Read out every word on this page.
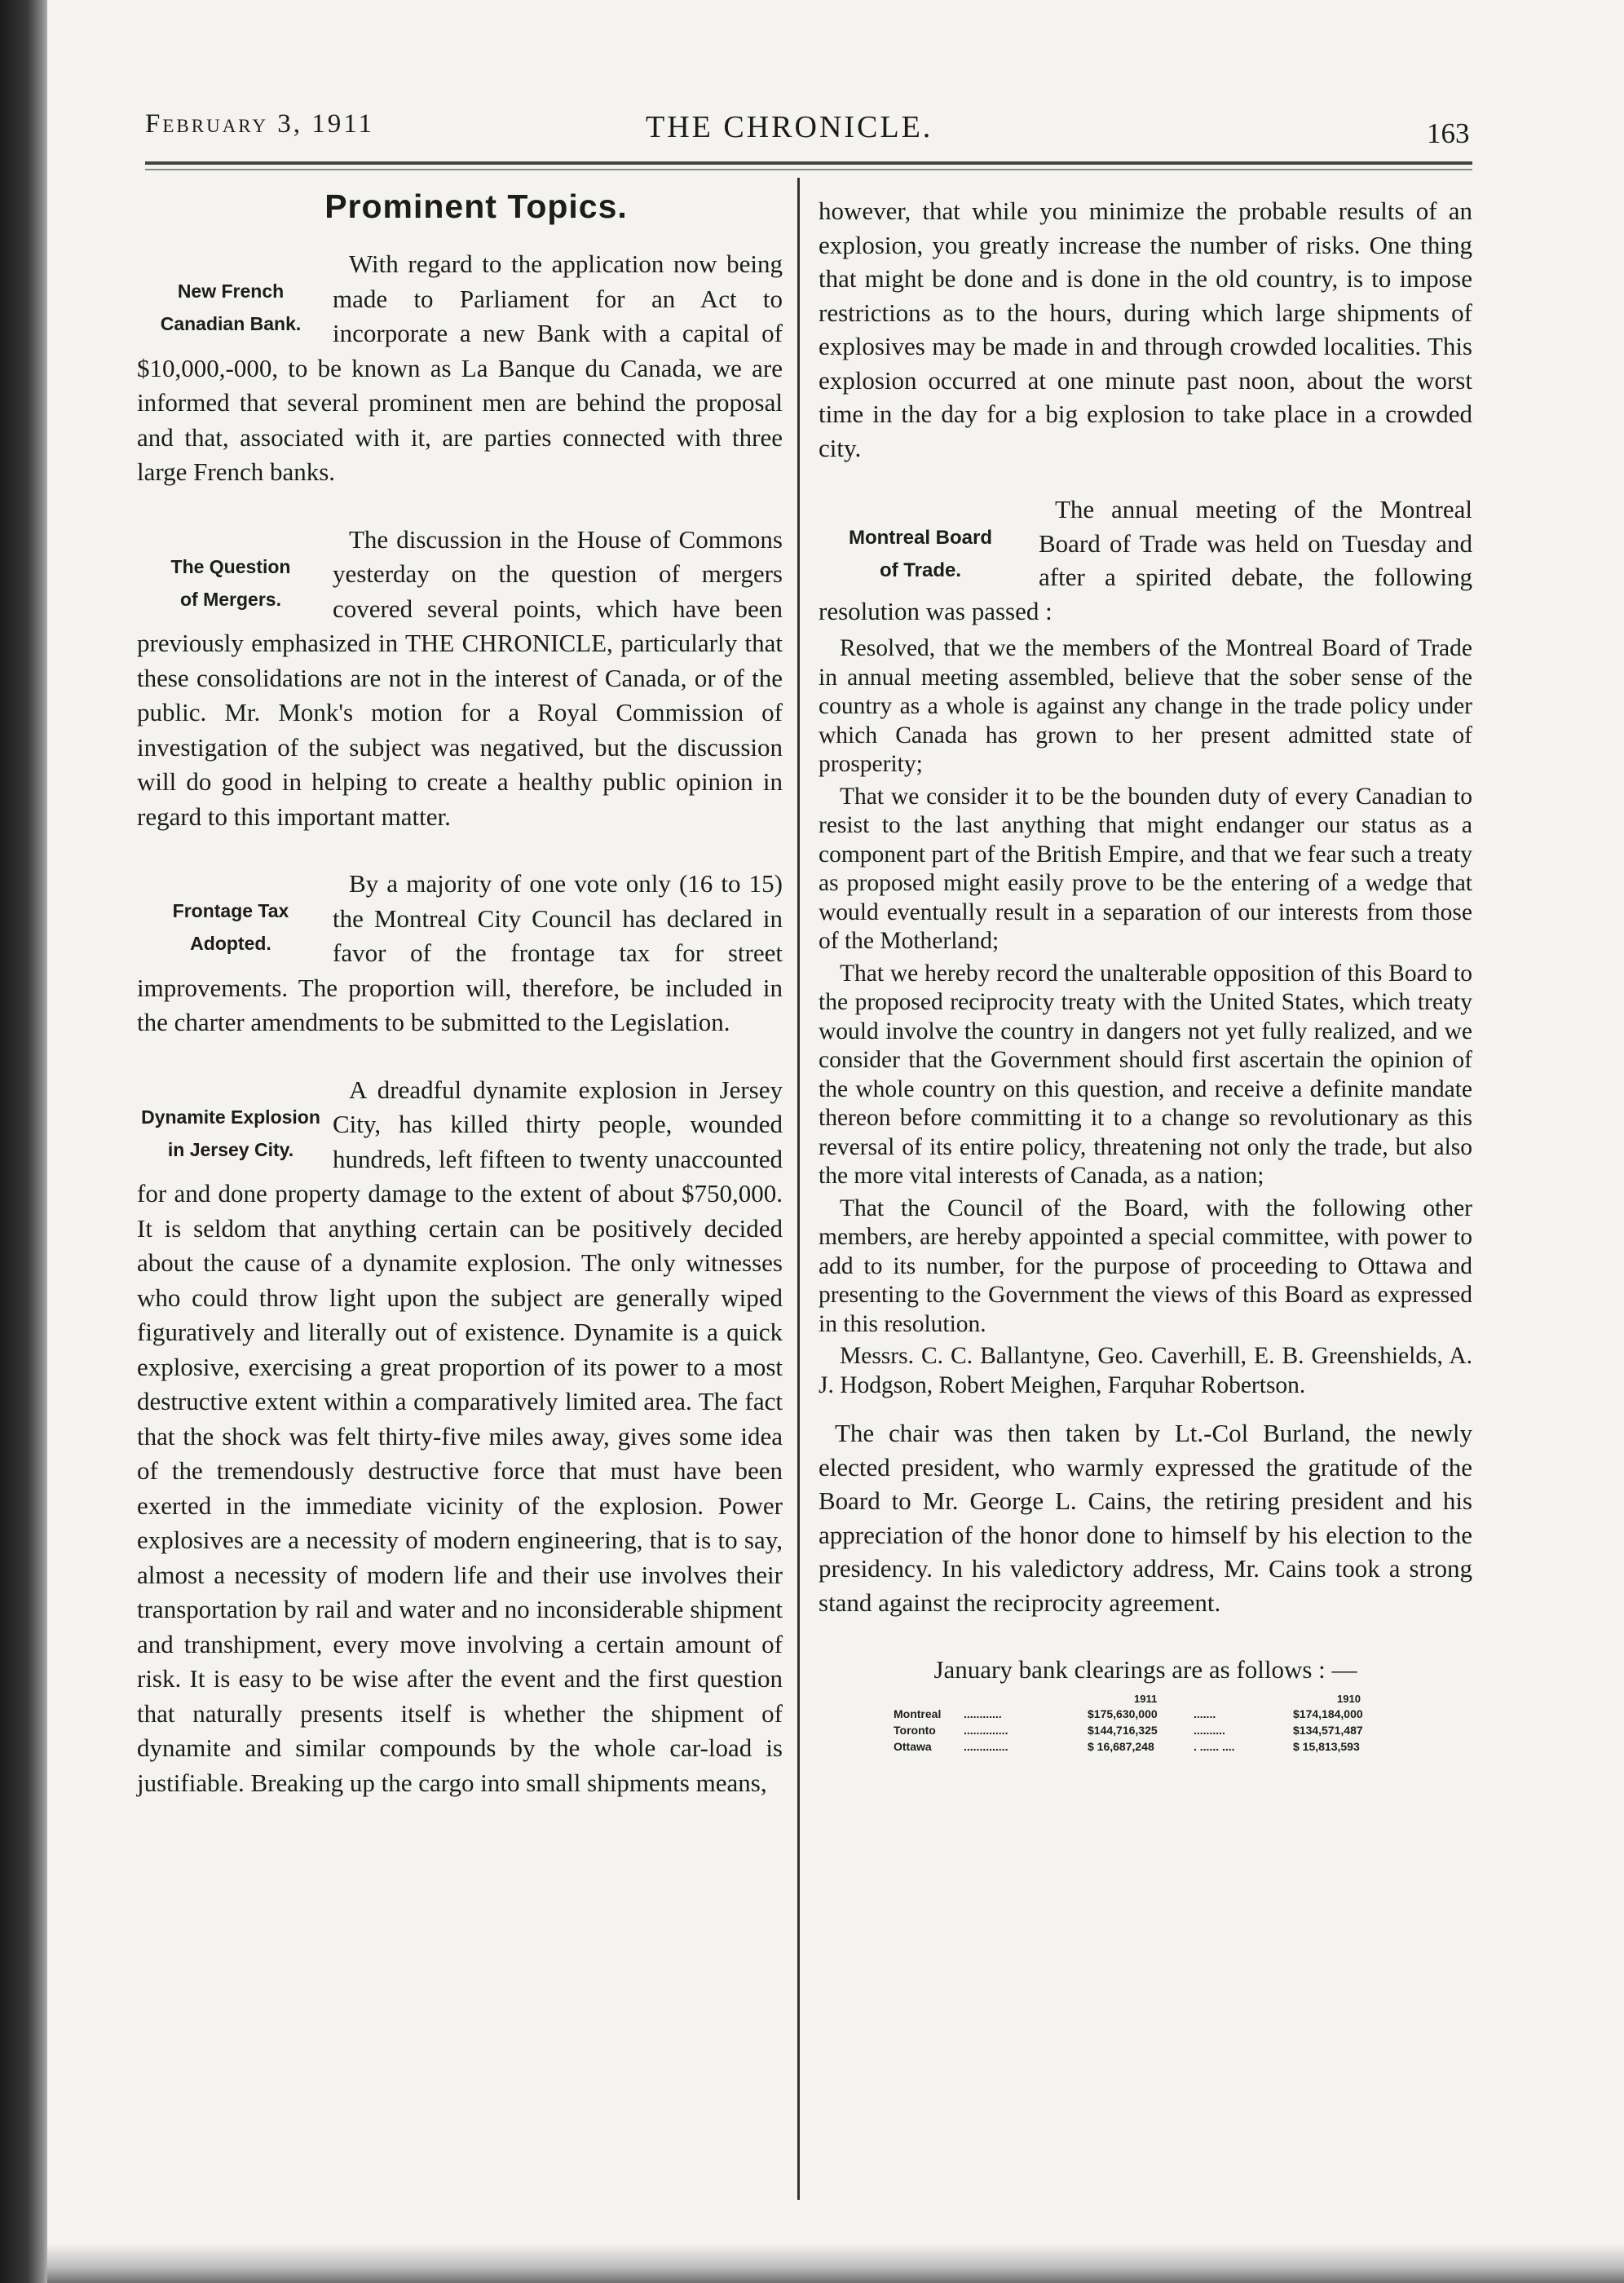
February 3, 1911	THE CHRONICLE.	163
Prominent Topics.
New French
Canadian Bank.

With regard to the application now being made to Parliament for an Act to incorporate a new Bank with a capital of $10,000,-000, to be known as La Banque du Canada, we are informed that several prominent men are behind the proposal and that, associated with it, are parties connected with three large French banks.

The Question
of Mergers.

The discussion in the House of Commons yesterday on the question of mergers covered several points, which have been previously emphasized in THE CHRONICLE, particularly that these consolidations are not in the interest of Canada, or of the public. Mr. Monk's motion for a Royal Commission of investigation of the subject was negatived, but the discussion will do good in helping to create a healthy public opinion in regard to this important matter.

Frontage Tax
Adopted.

By a majority of one vote only (16 to 15) the Montreal City Council has declared in favor of the frontage tax for street improvements. The proportion will, therefore, be included in the charter amendments to be submitted to the Legislation.

Dynamite Explosion
in Jersey City.

A dreadful dynamite explosion in Jersey City, has killed thirty people, wounded hundreds, left fifteen to twenty unaccounted for and done property damage to the extent of about $750,000. It is seldom that anything certain can be positively decided about the cause of a dynamite explosion. The only witnesses who could throw light upon the subject are generally wiped figuratively and literally out of existence. Dynamite is a quick explosive, exercising a great proportion of its power to a most destructive extent within a comparatively limited area. The fact that the shock was felt thirty-five miles away, gives some idea of the tremendously destructive force that must have been exerted in the immediate vicinity of the explosion. Power explosives are a necessity of modern engineering, that is to say, almost a necessity of modern life and their use involves their transportation by rail and water and no inconsiderable shipment and transhipment, every move involving a certain amount of risk. It is easy to be wise after the event and the first question that naturally presents itself is whether the shipment of dynamite and similar compounds by the whole car-load is justifiable. Breaking up the cargo into small shipments means,

however, that while you minimize the probable results of an explosion, you greatly increase the number of risks. One thing that might be done and is done in the old country, is to impose restrictions as to the hours, during which large shipments of explosives may be made in and through crowded localities. This explosion occurred at one minute past noon, about the worst time in the day for a big explosion to take place in a crowded city.

Montreal Board
of Trade.

The annual meeting of the Montreal Board of Trade was held on Tuesday and after a spirited debate, the following resolution was passed :

Resolved, that we the members of the Montreal Board of Trade in annual meeting assembled, believe that the sober sense of the country as a whole is against any change in the trade policy under which Canada has grown to her present admitted state of prosperity;

That we consider it to be the bounden duty of every Canadian to resist to the last anything that might endanger our status as a component part of the British Empire, and that we fear such a treaty as proposed might easily prove to be the entering of a wedge that would eventually result in a separation of our interests from those of the Motherland;

That we hereby record the unalterable opposition of this Board to the proposed reciprocity treaty with the United States, which treaty would involve the country in dangers not yet fully realized, and we consider that the Government should first ascertain the opinion of the whole country on this question, and receive a definite mandate thereon before committing it to a change so revolutionary as this reversal of its entire policy, threatening not only the trade, but also the more vital interests of Canada, as a nation;

That the Council of the Board, with the following other members, are hereby appointed a special committee, with power to add to its number, for the purpose of proceeding to Ottawa and presenting to the Government the views of this Board as expressed in this resolution.

Messrs. C. C. Ballantyne, Geo. Caverhill, E. B. Greenshields, A. J. Hodgson, Robert Meighen, Farquhar Robertson.

The chair was then taken by Lt.-Col Burland, the newly elected president, who warmly expressed the gratitude of the Board to Mr. George L. Cains, the retiring president and his appreciation of the honor done to himself by his election to the presidency. In his valedictory address, Mr. Cains took a strong stand against the reciprocity agreement.

January bank clearings are as follows : —
1911	1910
Montreal ............	$175,630,000	.......	$174,184,000
Toronto ..............	$144,716,325	..........	$134,571,487
Ottawa	..............	$ 16,687,248	. ...... ....	$ 15,813,593
